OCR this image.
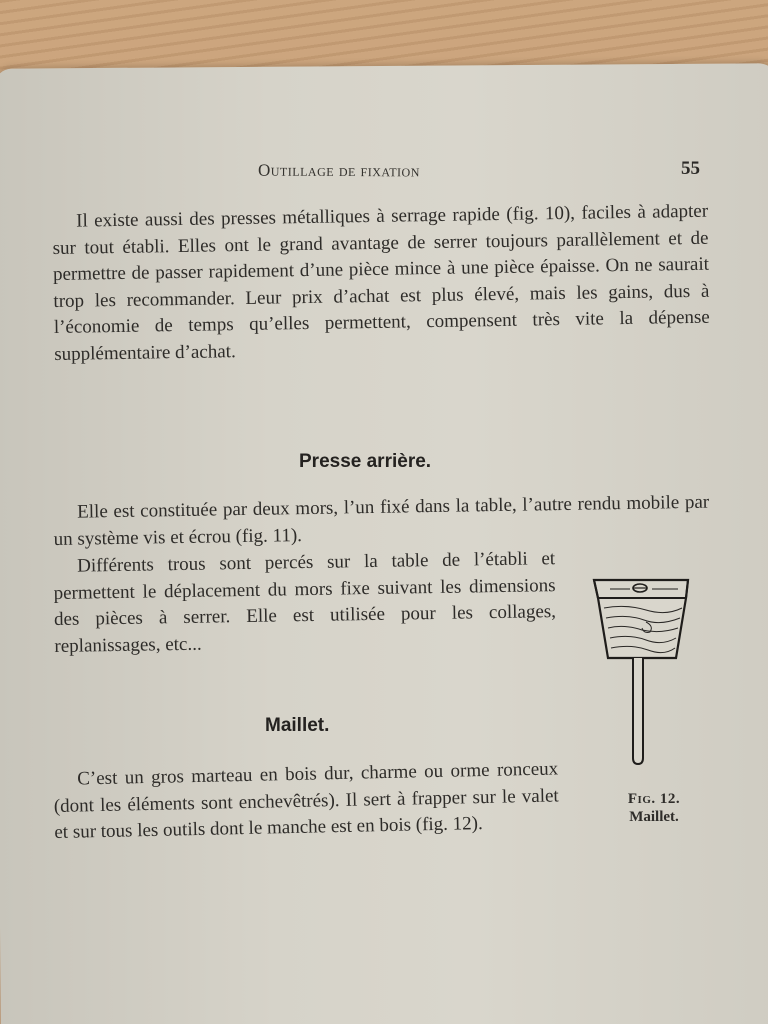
Outillage de fixation	55

Il existe aussi des presses métalliques à serrage rapide (fig. 10), faciles à adapter sur tout établi. Elles ont le grand avantage de serrer toujours parallèlement et de permettre de passer rapidement d’une pièce mince à une pièce épaisse. On ne saurait trop les recommander. Leur prix d’achat est plus élevé, mais les gains, dus à l’économie de temps qu’elles permettent, compensent très vite la dépense supplémentaire d’achat.

Presse arrière.

Elle est constituée par deux mors, l’un fixé dans la table, l’autre rendu mobile par un système vis et écrou (fig. 11).

Différents trous sont percés sur la table de l’établi et permettent le déplacement du mors fixe suivant les dimensions des pièces à serrer. Elle est utilisée pour les collages, replanissages, etc...

Maillet.

C’est un gros marteau en bois dur, charme ou orme ronceux (dont les éléments sont enchevêtrés). Il sert à frapper sur le valet et sur tous les outils dont le manche est en bois (fig. 12).

Fig. 12.
Maillet.
